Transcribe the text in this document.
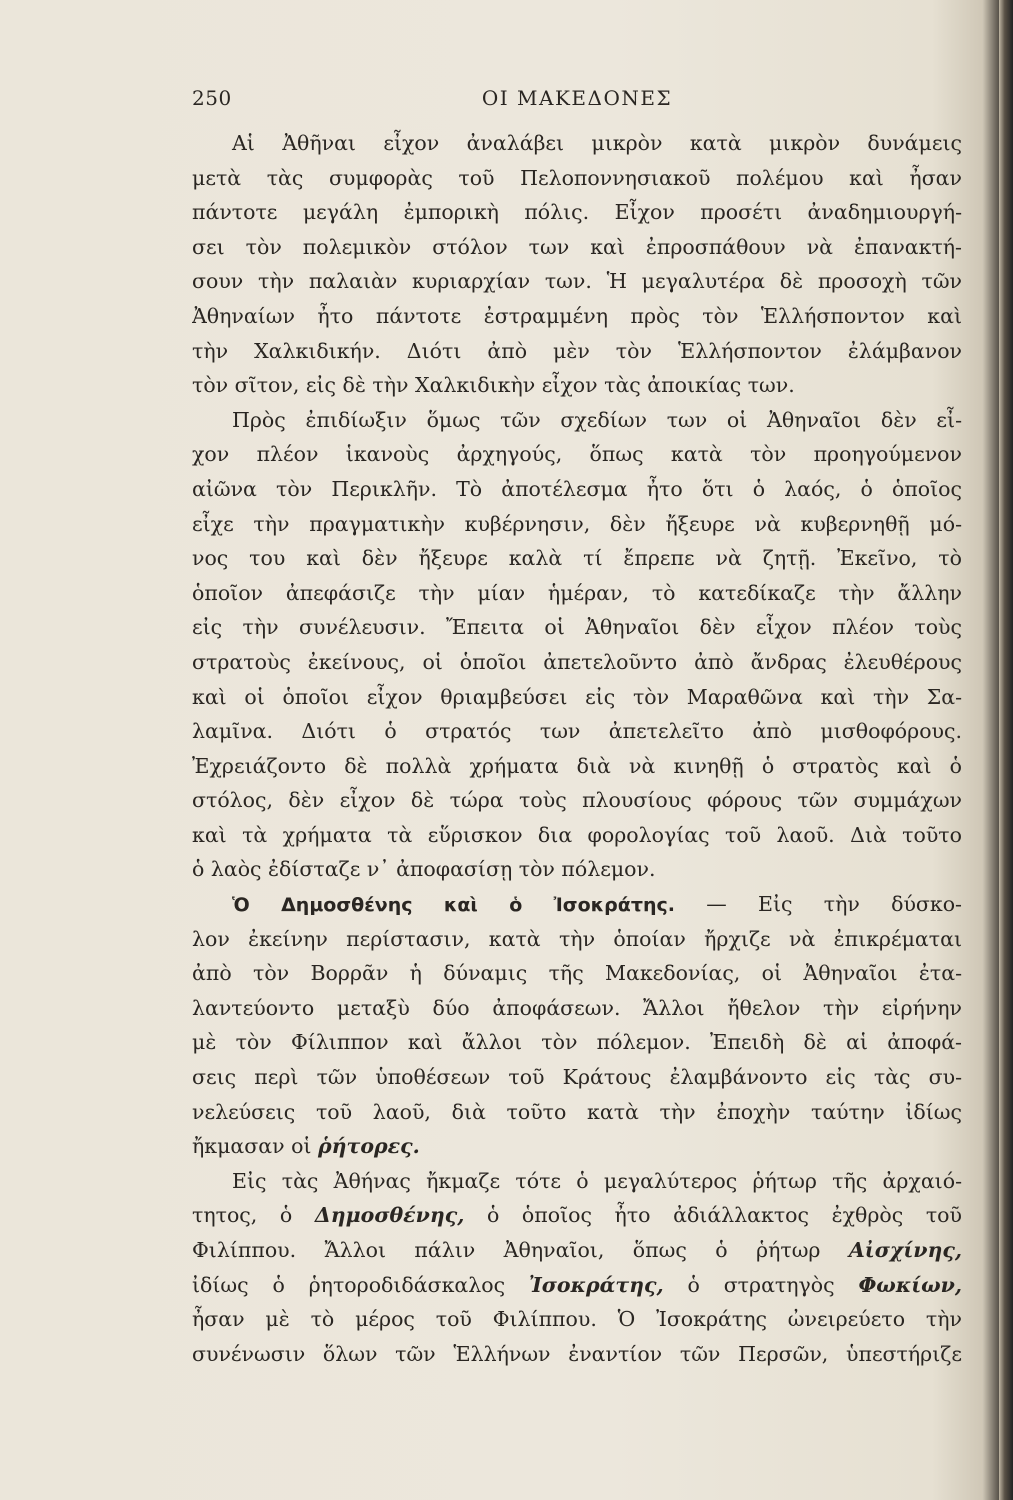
250	ΟΙ ΜΑΚΕΔΟΝΕΣ
Αἱ Ἀθῆναι εἶχον ἀναλάβει μικρὸν κατὰ μικρὸν δυνάμεις
μετὰ τὰς συμφορὰς τοῦ Πελοποννησιακοῦ πολέμου καὶ ἦσαν
πάντοτε μεγάλη ἐμπορικὴ πόλις. Εἶχον προσέτι ἀναδημιουργή-
σει τὸν πολεμικὸν στόλον των καὶ ἐπροσπάθουν νὰ ἐπανακτή-
σουν τὴν παλαιὰν κυριαρχίαν των. Ἡ μεγαλυτέρα δὲ προσοχὴ τῶν
Ἀθηναίων ἦτο πάντοτε ἐστραμμένη πρὸς τὸν Ἑλλήσποντον καὶ
τὴν Χαλκιδικήν. Διότι ἀπὸ μὲν τὸν Ἑλλήσποντον ἐλάμβανον
τὸν σῖτον, εἰς δὲ τὴν Χαλκιδικὴν εἶχον τὰς ἀποικίας των.
Πρὸς ἐπιδίωξιν ὅμως τῶν σχεδίων των οἱ Ἀθηναῖοι δὲν εἶ-
χον πλέον ἱκανοὺς ἀρχηγούς, ὅπως κατὰ τὸν προηγούμενον
αἰῶνα τὸν Περικλῆν. Τὸ ἀποτέλεσμα ἦτο ὅτι ὁ λαός, ὁ ὁποῖος
εἶχε τὴν πραγματικὴν κυβέρνησιν, δὲν ἤξευρε νὰ κυβερνηθῇ μό-
νος του καὶ δὲν ἤξευρε καλὰ τί ἔπρεπε νὰ ζητῇ. Ἐκεῖνο, τὸ
ὁποῖον ἀπεφάσιζε τὴν μίαν ἡμέραν, τὸ κατεδίκαζε τὴν ἄλλην
εἰς τὴν συνέλευσιν. Ἔπειτα οἱ Ἀθηναῖοι δὲν εἶχον πλέον τοὺς
στρατοὺς ἐκείνους, οἱ ὁποῖοι ἀπετελοῦντο ἀπὸ ἄνδρας ἐλευθέρους
καὶ οἱ ὁποῖοι εἶχον θριαμβεύσει εἰς τὸν Μαραθῶνα καὶ τὴν Σα-
λαμῖνα. Διότι ὁ στρατός των ἀπετελεῖτο ἀπὸ μισθοφόρους.
Ἐχρειάζοντο δὲ πολλὰ χρήματα διὰ νὰ κινηθῇ ὁ στρατὸς καὶ ὁ
στόλος, δὲν εἶχον δὲ τώρα τοὺς πλουσίους φόρους τῶν συμμάχων
καὶ τὰ χρήματα τὰ εὕρισκον δια φορολογίας τοῦ λαοῦ. Διὰ τοῦτο
ὁ λαὸς ἐδίσταζε ν᾿ ἀποφασίσῃ τὸν πόλεμον.
Ὁ Δημοσθένης καὶ ὁ Ἰσοκράτης. — Εἰς τὴν δύσκο-
λον ἐκείνην περίστασιν, κατὰ τὴν ὁποίαν ἤρχιζε νὰ ἐπικρέμαται
ἀπὸ τὸν Βορρᾶν ἡ δύναμις τῆς Μακεδονίας, οἱ Ἀθηναῖοι ἐτα-
λαντεύοντο μεταξὺ δύο ἀποφάσεων. Ἄλλοι ἤθελον τὴν εἰρήνην
μὲ τὸν Φίλιππον καὶ ἄλλοι τὸν πόλεμον. Ἐπειδὴ δὲ αἱ ἀποφά-
σεις περὶ τῶν ὑποθέσεων τοῦ Κράτους ἐλαμβάνοντο εἰς τὰς συ-
νελεύσεις τοῦ λαοῦ, διὰ τοῦτο κατὰ τὴν ἐποχὴν ταύτην ἰδίως
ἤκμασαν οἱ ῥήτορες.
Εἰς τὰς Ἀθήνας ἤκμαζε τότε ὁ μεγαλύτερος ῥήτωρ τῆς ἀρχαιό-
τητος, ὁ Δημοσθένης, ὁ ὁποῖος ἦτο ἀδιάλλακτος ἐχθρὸς τοῦ
Φιλίππου. Ἄλλοι πάλιν Ἀθηναῖοι, ὅπως ὁ ῥήτωρ Αἰσχίνης,
ἰδίως ὁ ῥητοροδιδάσκαλος Ἰσοκράτης, ὁ στρατηγὸς Φωκίων,
ἦσαν μὲ τὸ μέρος τοῦ Φιλίππου. Ὁ Ἰσοκράτης ὠνειρεύετο τὴν
συνένωσιν ὅλων τῶν Ἑλλήνων ἐναντίον τῶν Περσῶν, ὑπεστήριζε
